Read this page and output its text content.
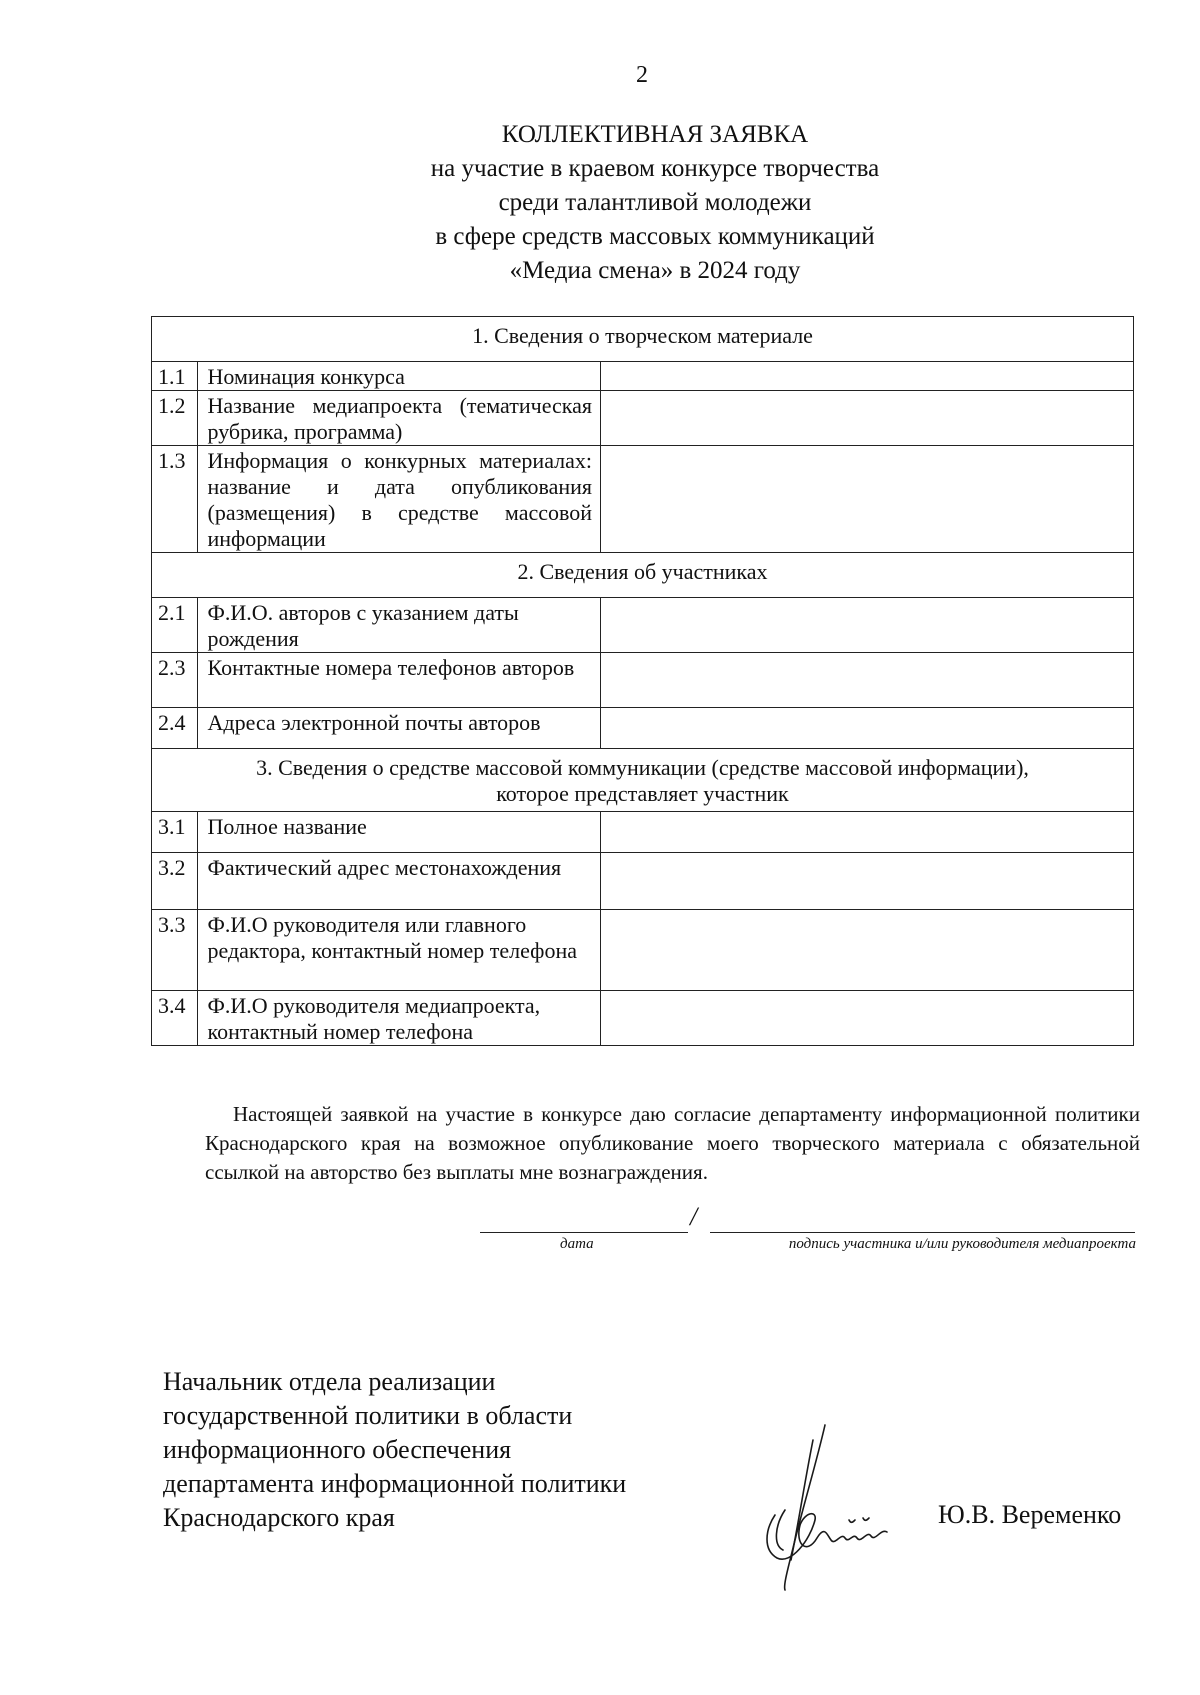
2
КОЛЛЕКТИВНАЯ ЗАЯВКА
на участие в краевом конкурсе творчества
среди талантливой молодежи
в сфере средств массовых коммуникаций
«Медиа смена» в 2024 году
1. Сведения о творческом материале		
1.1	Номинация конкурса	
1.2	Название медиапроекта (тематическая рубрика, программа)	
1.3	Информация о конкурных материалах: название и дата опубликования (размещения) в средстве массовой информации	
2. Сведения об участниках		
2.1	Ф.И.О. авторов с указанием даты рождения	
2.3	Контактные номера телефонов авторов	
2.4	Адреса электронной почты авторов	

3. Сведения о средстве массовой коммуникации (средстве массовой информации),
которое представляет участник		

3.1	Полное название	
3.2	Фактический адрес местонахождения	
3.3	Ф.И.О руководителя или главного редактора, контактный номер телефона	
3.4	Ф.И.О руководителя медиапроекта, контактный номер телефона	

Настоящей заявкой на участие в конкурсе даю согласие департаменту информационной политики Краснодарского края на возможное опубликование моего творческого материала с обязательной ссылкой на авторство без выплаты мне вознаграждения.

/
дата	подпись участника и/или руководителя медиапроекта
Начальник отдела реализации
государственной политики в области
информационного обеспечения
департамента информационной политики
Краснодарского края	Ю.В. Веременко
